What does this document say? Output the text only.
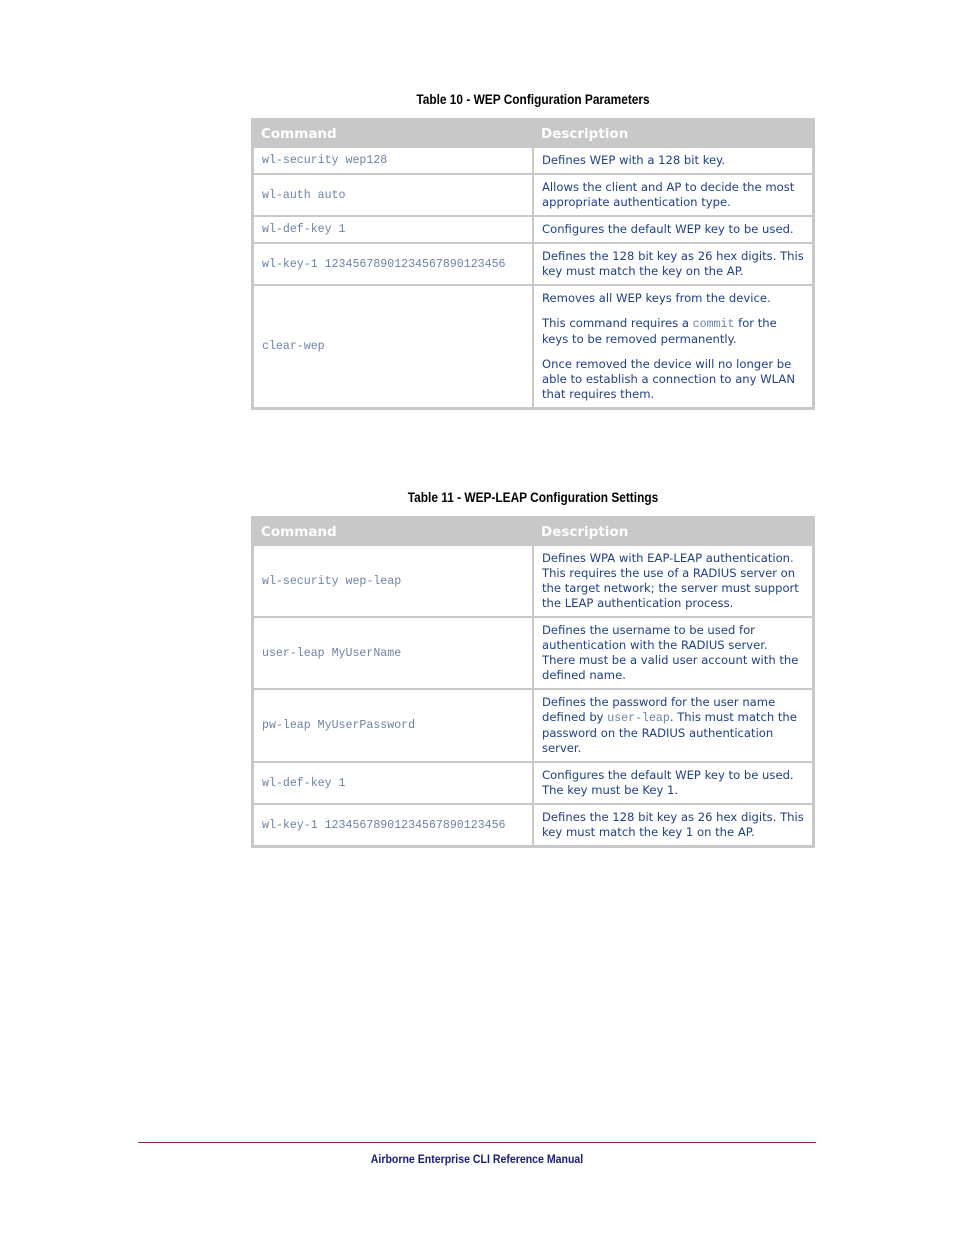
Table 10 - WEP Configuration Parameters
Command	Description
wl-security wep128	Defines WEP with a 128 bit key.
wl-auth auto	Allows the client and AP to decide the most appropriate authentication type.
wl-def-key 1	Configures the default WEP key to be used.
wl-key-1 12345678901234567890123456	Defines the 128 bit key as 26 hex digits. This key must match the key on the AP.
clear-wep	Removes all WEP keys from the device.

This command requires a commit for the keys to be removed permanently.

Once removed the device will no longer be able to establish a connection to any WLAN that requires them.

Table 11 - WEP-LEAP Configuration Settings
Command	Description
wl-security wep-leap	Defines WPA with EAP-LEAP authentication. This requires the use of a RADIUS server on the target network; the server must support the LEAP authentication process.
user-leap MyUserName	Defines the username to be used for authentication with the RADIUS server. There must be a valid user account with the defined name.
pw-leap MyUserPassword	Defines the password for the user name defined by user-leap. This must match the password on the RADIUS authentication server.
wl-def-key 1	Configures the default WEP key to be used. The key must be Key 1.
wl-key-1 12345678901234567890123456	Defines the 128 bit key as 26 hex digits. This key must match the key 1 on the AP.
Airborne Enterprise CLI Reference Manual
